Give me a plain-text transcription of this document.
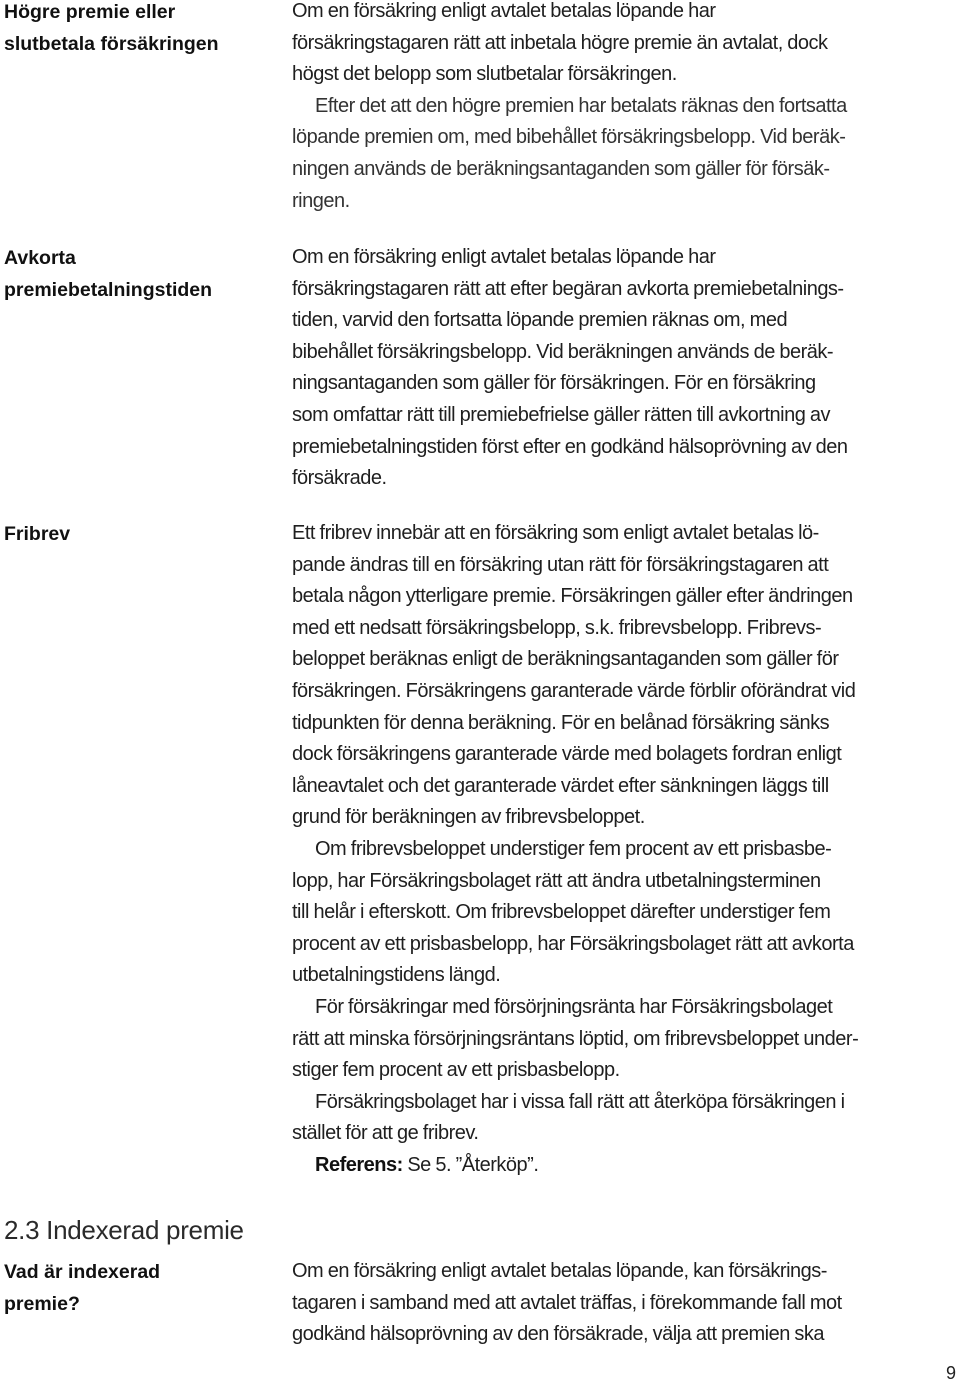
Högre premie eller
slutbetala försäkringen
Om en försäkring enligt avtalet betalas löpande har
försäkringstagaren rätt att inbetala högre premie än avtalat, dock
högst det belopp som slutbetalar försäkringen.
Efter det att den högre premien har betalats räknas den fortsatta
löpande premien om, med bibehållet försäkringsbelopp. Vid beräk-
ningen används de beräkningsantaganden som gäller för försäk-
ringen.
Avkorta
premiebetalningstiden
Om en försäkring enligt avtalet betalas löpande har
försäkringstagaren rätt att efter begäran avkorta premiebetalnings-
tiden, varvid den fortsatta löpande premien räknas om, med
bibehållet försäkringsbelopp. Vid beräkningen används de beräk-
ningsantaganden som gäller för försäkringen. För en försäkring
som omfattar rätt till premiebefrielse gäller rätten till avkortning av
premiebetalningstiden först efter en godkänd hälsoprövning av den
försäkrade.
Fribrev	Ett fribrev innebär att en försäkring som enligt avtalet betalas lö-
pande ändras till en försäkring utan rätt för försäkringstagaren att
betala någon ytterligare premie. Försäkringen gäller efter ändringen
med ett nedsatt försäkringsbelopp, s.k. fribrevsbelopp. Fribrevs-
beloppet beräknas enligt de beräkningsantaganden som gäller för
försäkringen. Försäkringens garanterade värde förblir oförändrat vid
tidpunkten för denna beräkning. För en belånad försäkring sänks
dock försäkringens garanterade värde med bolagets fordran enligt
låneavtalet och det garanterade värdet efter sänkningen läggs till
grund för beräkningen av fribrevsbeloppet.
Om fribrevsbeloppet understiger fem procent av ett prisbasbe-
lopp, har Försäkringsbolaget rätt att ändra utbetalningsterminen
till helår i efterskott. Om fribrevsbeloppet därefter understiger fem
procent av ett prisbasbelopp, har Försäkringsbolaget rätt att avkorta
utbetalningstidens längd.
För försäkringar med försörjningsränta har Försäkringsbolaget
rätt att minska försörjningsräntans löptid, om fribrevsbeloppet under-
stiger fem procent av ett prisbasbelopp.
Försäkringsbolaget har i vissa fall rätt att återköpa försäkringen i
stället för att ge fribrev.
Referens: Se 5. ”Återköp”.
2.3 Indexerad premie
Vad är indexerad
premie?
Om en försäkring enligt avtalet betalas löpande, kan försäkrings-
tagaren i samband med att avtalet träffas, i förekommande fall mot
godkänd hälsoprövning av den försäkrade, välja att premien ska
9
